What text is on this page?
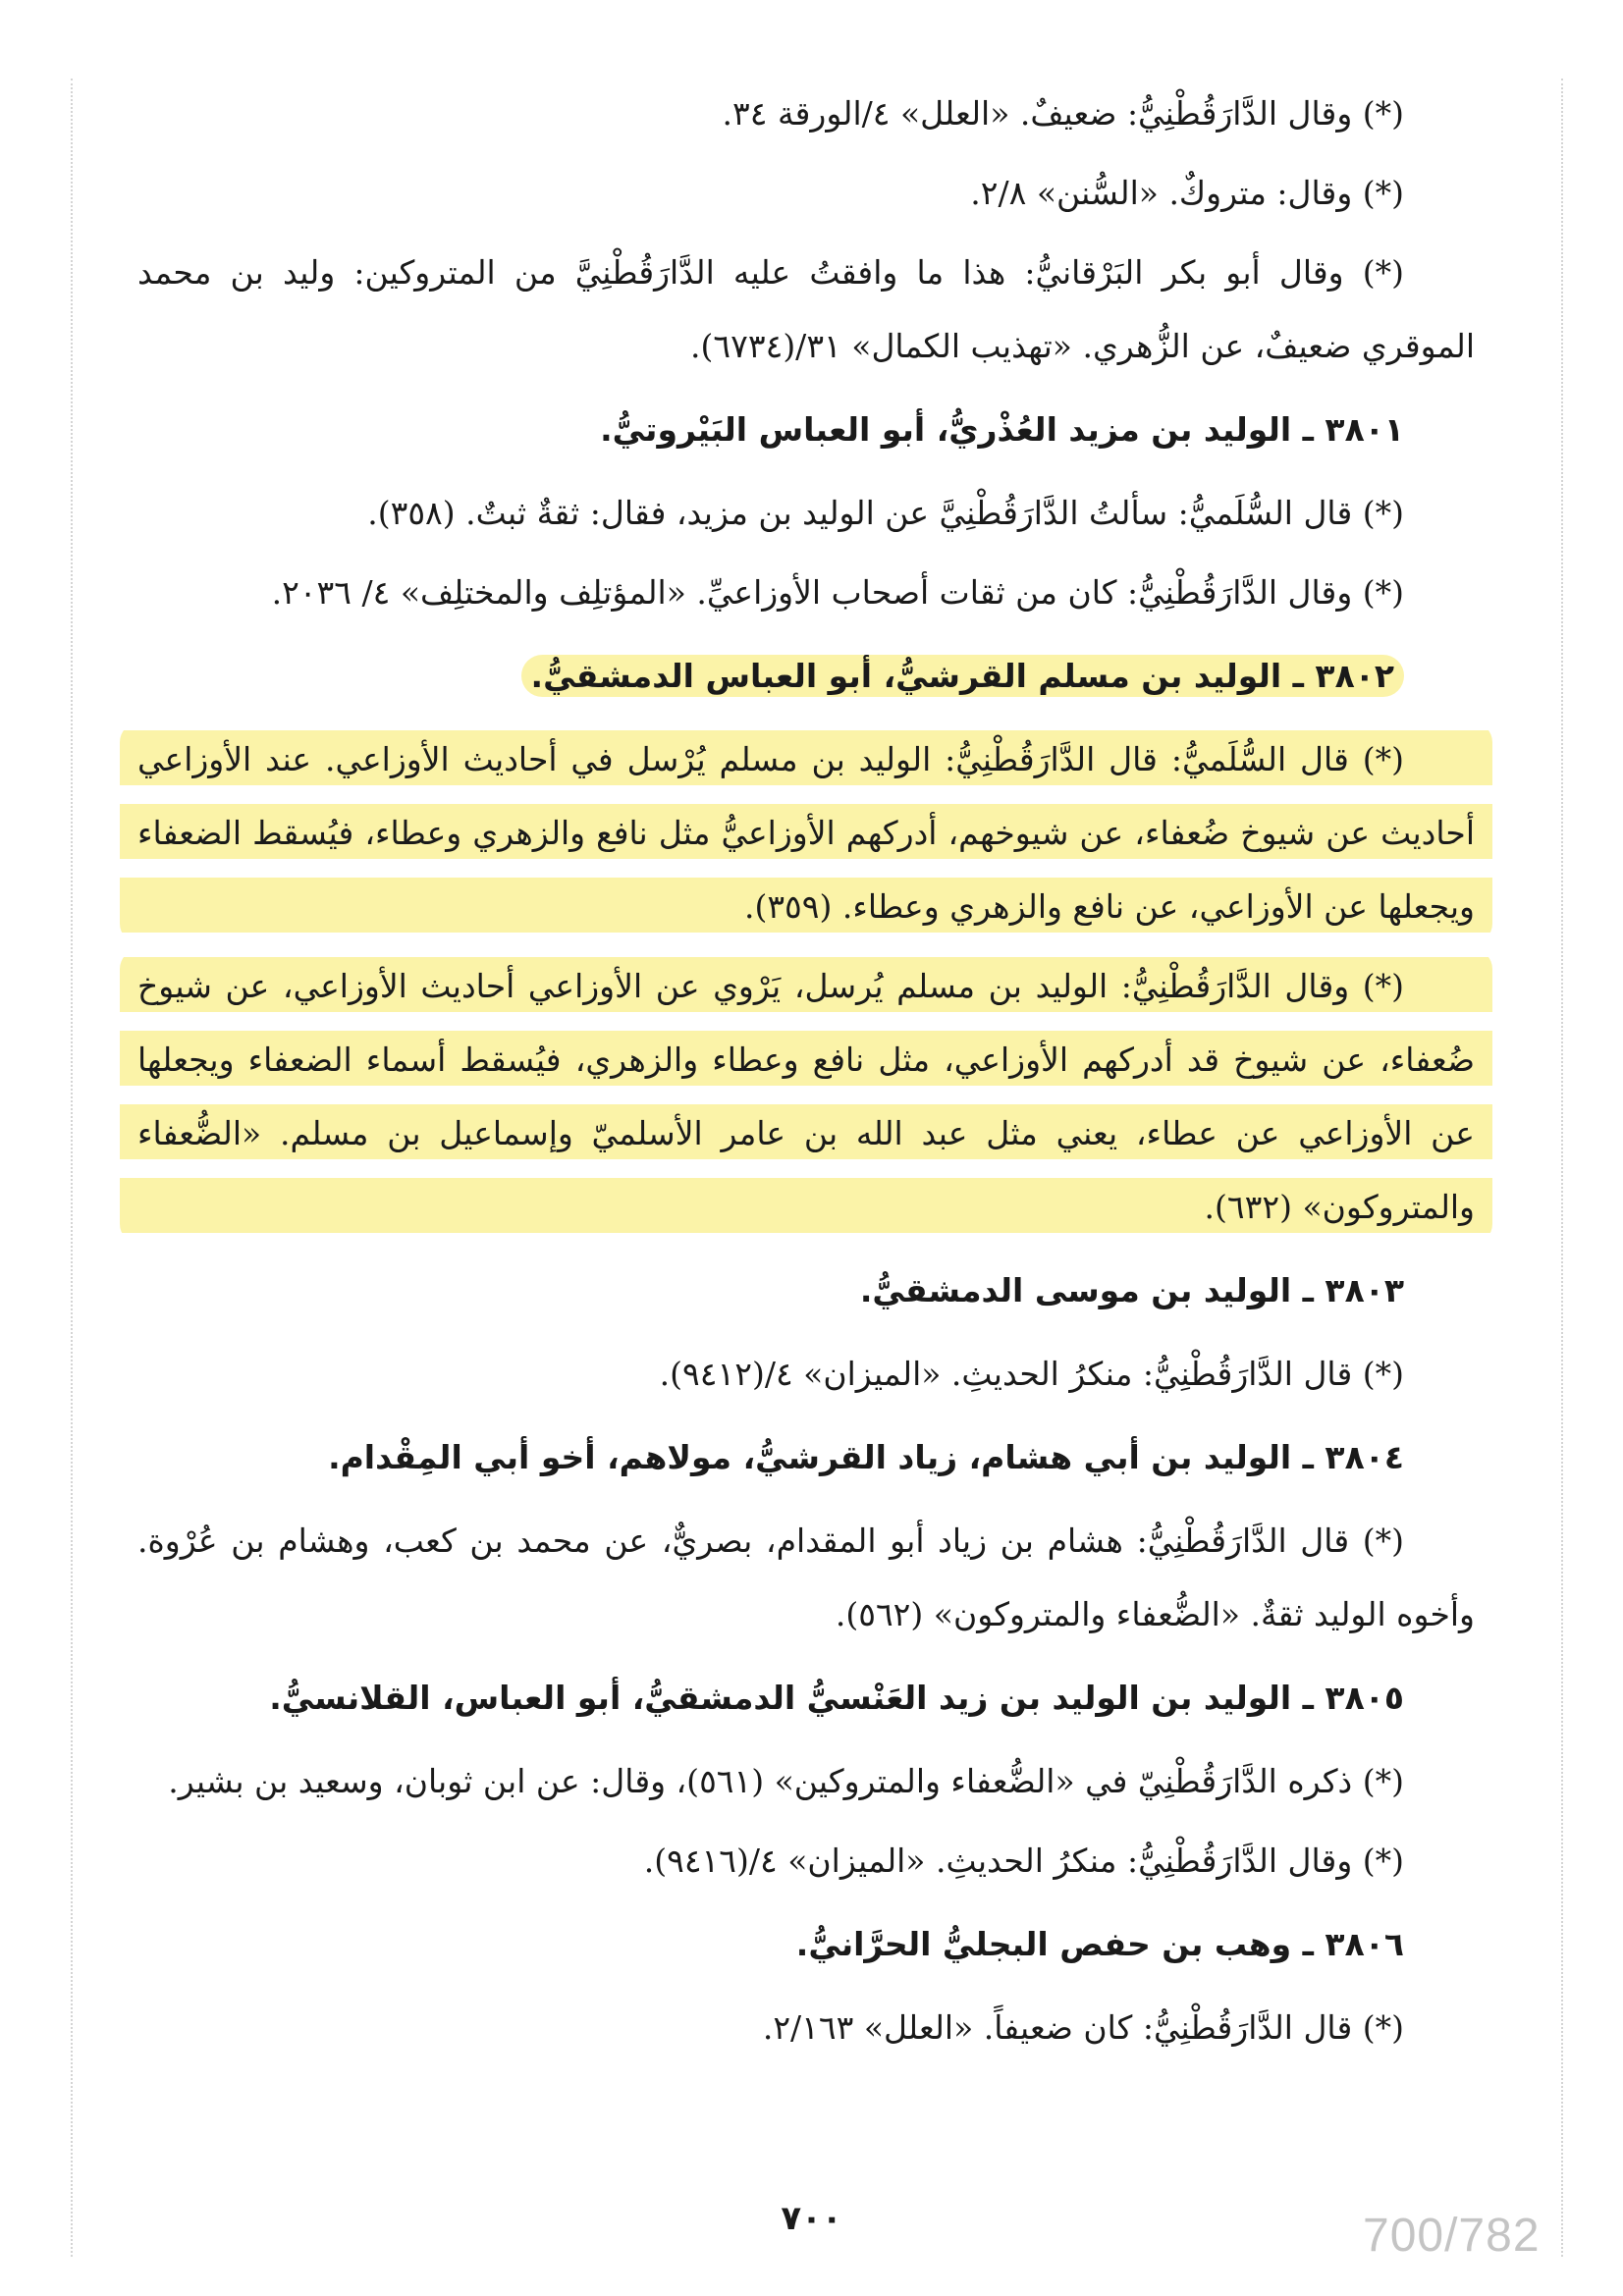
(*) وقال الدَّارَقُطْنِيُّ: ضعيفٌ. «العلل» ٤/الورقة ٣٤.

(*) وقال: متروكٌ. «السُّنن» ٢/٨.

(*) وقال أبو بكر البَرْقانيُّ: هذا ما وافقتُ عليه الدَّارَقُطْنِيَّ من المتروكين: وليد بن محمد الموقري ضعيفٌ، عن الزُّهري. «تهذيب الكمال» ٣١/(٦٧٣٤).

٣٨٠١ ـ الوليد بن مزيد العُذْريُّ، أبو العباس البَيْروتيُّ.

(*) قال السُّلَميُّ: سألتُ الدَّارَقُطْنِيَّ عن الوليد بن مزيد، فقال: ثقةٌ ثبتٌ. (٣٥٨).

(*) وقال الدَّارَقُطْنِيُّ: كان من ثقات أصحاب الأوزاعيِّ. «المؤتلِف والمختلِف» ٤/ ٢٠٣٦.

٣٨٠٢ ـ الوليد بن مسلم القرشيُّ، أبو العباس الدمشقيُّ.

(*) قال السُّلَميُّ: قال الدَّارَقُطْنِيُّ: الوليد بن مسلم يُرْسل في أحاديث الأوزاعي. عند الأوزاعي أحاديث عن شيوخ ضُعفاء، عن شيوخهم، أدركهم الأوزاعيُّ مثل نافع والزهري وعطاء، فيُسقط الضعفاء ويجعلها عن الأوزاعي، عن نافع والزهري وعطاء. (٣٥٩).

(*) وقال الدَّارَقُطْنِيُّ: الوليد بن مسلم يُرسل، يَرْوي عن الأوزاعي أحاديث الأوزاعي، عن شيوخ ضُعفاء، عن شيوخ قد أدركهم الأوزاعي، مثل نافع وعطاء والزهري، فيُسقط أسماء الضعفاء ويجعلها عن الأوزاعي عن عطاء، يعني مثل عبد الله بن عامر الأسلميّ وإسماعيل بن مسلم. «الضُّعفاء والمتروكون» (٦٣٢).

٣٨٠٣ ـ الوليد بن موسى الدمشقيُّ.

(*) قال الدَّارَقُطْنِيُّ: منكرُ الحديثِ. «الميزان» ٤/(٩٤١٢).

٣٨٠٤ ـ الوليد بن أبي هشام، زياد القرشيُّ، مولاهم، أخو أبي المِقْدام.

(*) قال الدَّارَقُطْنِيُّ: هشام بن زياد أبو المقدام، بصريٌّ، عن محمد بن كعب، وهشام بن عُرْوة. وأخوه الوليد ثقةٌ. «الضُّعفاء والمتروكون» (٥٦٢).

٣٨٠٥ ـ الوليد بن الوليد بن زيد العَنْسيُّ الدمشقيُّ، أبو العباس، القلانسيُّ.

(*) ذكره الدَّارَقُطْنِيّ في «الضُّعفاء والمتروكين» (٥٦١)، وقال: عن ابن ثوبان، وسعيد بن بشير.

(*) وقال الدَّارَقُطْنِيُّ: منكرُ الحديثِ. «الميزان» ٤/(٩٤١٦).

٣٨٠٦ ـ وهب بن حفص البجليُّ الحرَّانيُّ.

(*) قال الدَّارَقُطْنِيُّ: كان ضعيفاً. «العلل» ٢/١٦٣.

٧٠٠	700/782
